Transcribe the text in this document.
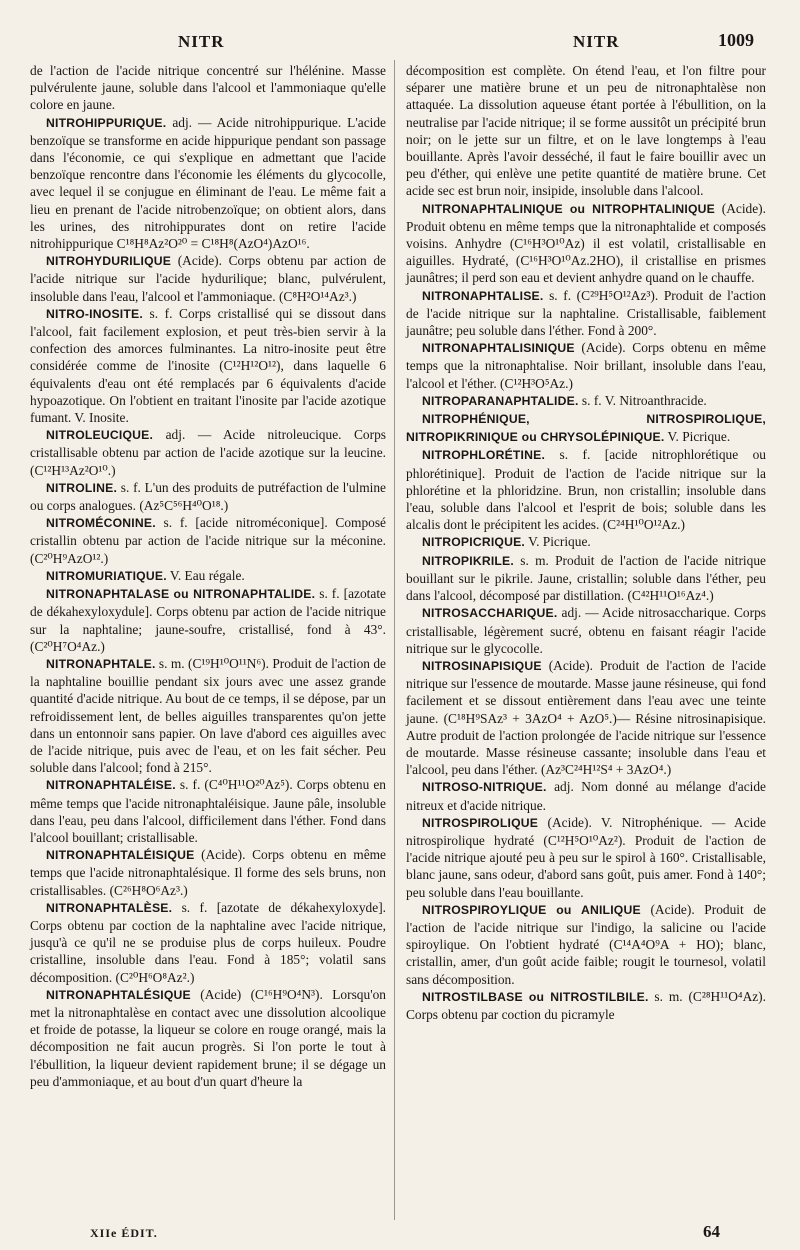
NITR	NITR	1009

de l'action de l'acide nitrique concentré sur l'hélénine. Masse pulvérulente jaune, soluble dans l'alcool et l'ammoniaque qu'elle colore en jaune.

NITROHIPPURIQUE. adj. — Acide nitrohippurique. L'acide benzoïque se transforme en acide hippurique pendant son passage dans l'économie, ce qui s'explique en admettant que l'acide benzoïque rencontre dans l'économie les éléments du glycocolle, avec lequel il se conjugue en éliminant de l'eau. Le même fait a lieu en prenant de l'acide nitrobenzoïque; on obtient alors, dans les urines, des nitrohippurates dont on retire l'acide nitrohippurique C¹⁸H⁸Az²O²⁰ = C¹⁸H⁸(AzO⁴)AzO¹⁶.

NITROHYDURILIQUE (Acide). Corps obtenu par action de l'acide nitrique sur l'acide hydurilique; blanc, pulvérulent, insoluble dans l'eau, l'alcool et l'ammoniaque. (C⁸H²O¹⁴Az³.)

NITRO-INOSITE. s. f. Corps cristallisé qui se dissout dans l'alcool, fait facilement explosion, et peut très-bien servir à la confection des amorces fulminantes. La nitro-inosite peut être considérée comme de l'inosite (C¹²H¹²O¹²), dans laquelle 6 équivalents d'eau ont été remplacés par 6 équivalents d'acide hypoazotique. On l'obtient en traitant l'inosite par l'acide azotique fumant. V. Inosite.

NITROLEUCIQUE. adj. — Acide nitroleucique. Corps cristallisable obtenu par action de l'acide azotique sur la leucine. (C¹²H¹³Az²O¹⁰.)

NITROLINE. s. f. L'un des produits de putréfaction de l'ulmine ou corps analogues. (Az⁵C⁵⁶H⁴⁰O¹⁸.)

NITROMÉCONINE. s. f. [acide nitroméconique]. Composé cristallin obtenu par action de l'acide nitrique sur la méconine. (C²⁰H⁹AzO¹².)

NITROMURIATIQUE. V. Eau régale.

NITRONAPHTALASE ou NITRONAPHTALIDE. s. f. [azotate de dékahexyloxydule]. Corps obtenu par action de l'acide nitrique sur la naphtaline; jaune-soufre, cristallisé, fond à 43°. (C²⁰H⁷O⁴Az.)

NITRONAPHTALE. s. m. (C¹⁹H¹⁰O¹¹N⁶). Produit de l'action de la naphtaline bouillie pendant six jours avec une assez grande quantité d'acide nitrique. Au bout de ce temps, il se dépose, par un refroidissement lent, de belles aiguilles transparentes qu'on jette dans un entonnoir sans papier. On lave d'abord ces aiguilles avec de l'acide nitrique, puis avec de l'eau, et on les fait sécher. Peu soluble dans l'alcool; fond à 215°.

NITRONAPHTALÉISE. s. f. (C⁴⁰H¹¹O²⁰Az⁵). Corps obtenu en même temps que l'acide nitronaphtaléisique. Jaune pâle, insoluble dans l'eau, peu dans l'alcool, difficilement dans l'éther. Fond dans l'alcool bouillant; cristallisable.

NITRONAPHTALÉISIQUE (Acide). Corps obtenu en même temps que l'acide nitronaphtalésique. Il forme des sels bruns, non cristallisables. (C²⁶H⁸O⁶Az³.)

NITRONAPHTALÈSE. s. f. [azotate de dékahexyloxyde]. Corps obtenu par coction de la naphtaline avec l'acide nitrique, jusqu'à ce qu'il ne se produise plus de corps huileux. Poudre cristalline, insoluble dans l'eau. Fond à 185°; volatil sans décomposition. (C²⁰H⁶O⁸Az².)

NITRONAPHTALÉSIQUE (Acide) (C¹⁶H⁹O⁴N³). Lorsqu'on met la nitronaphtalèse en contact avec une dissolution alcoolique et froide de potasse, la liqueur se colore en rouge orangé, mais la décomposition ne fait aucun progrès. Si l'on porte le tout à l'ébullition, la liqueur devient rapidement brune; il se dégage un peu d'ammoniaque, et au bout d'un quart d'heure la

décomposition est complète. On étend l'eau, et l'on filtre pour séparer une matière brune et un peu de nitronaphtalèse non attaquée. La dissolution aqueuse étant portée à l'ébullition, on la neutralise par l'acide nitrique; il se forme aussitôt un précipité brun noir; on le jette sur un filtre, et on le lave longtemps à l'eau bouillante. Après l'avoir desséché, il faut le faire bouillir avec un peu d'éther, qui enlève une petite quantité de matière brune. Cet acide sec est brun noir, insipide, insoluble dans l'alcool.

NITRONAPHTALINIQUE ou NITROPHTALINIQUE (Acide). Produit obtenu en même temps que la nitronaphtalide et composés voisins. Anhydre (C¹⁶H³O¹⁰Az) il est volatil, cristallisable en aiguilles. Hydraté, (C¹⁶H³O¹⁰Az.2HO), il cristallise en prismes jaunâtres; il perd son eau et devient anhydre quand on le chauffe.

NITRONAPHTALISE. s. f. (C²⁹H⁵O¹²Az³). Produit de l'action de l'acide nitrique sur la naphtaline. Cristallisable, faiblement jaunâtre; peu soluble dans l'éther. Fond à 200°.

NITRONAPHTALISINIQUE (Acide). Corps obtenu en même temps que la nitronaphtalise. Noir brillant, insoluble dans l'eau, l'alcool et l'éther. (C¹²H³O⁵Az.)

NITROPARANAPHTALIDE. s. f. V. Nitroanthracide.

NITROPHÉNIQUE, NITROSPIROLIQUE, NITROPIKRINIQUE ou CHRYSOLÉPINIQUE. V. Picrique.

NITROPHLORÉTINE. s. f. [acide nitrophlorétique ou phlorétinique]. Produit de l'action de l'acide nitrique sur la phlorétine et la phloridzine. Brun, non cristallin; insoluble dans l'eau, soluble dans l'alcool et l'esprit de bois; soluble dans les alcalis dont le précipitent les acides. (C²⁴H¹⁰O¹²Az.)

NITROPICRIQUE. V. Picrique.

NITROPIKRILE. s. m. Produit de l'action de l'acide nitrique bouillant sur le pikrile. Jaune, cristallin; soluble dans l'éther, peu dans l'alcool, décomposé par distillation. (C⁴²H¹¹O¹⁶Az⁴.)

NITROSACCHARIQUE. adj. — Acide nitrosaccharique. Corps cristallisable, légèrement sucré, obtenu en faisant réagir l'acide nitrique sur le glycocolle.

NITROSINAPISIQUE (Acide). Produit de l'action de l'acide nitrique sur l'essence de moutarde. Masse jaune résineuse, qui fond facilement et se dissout entièrement dans l'eau avec une teinte jaune. (C¹⁸H⁹SAz³ + 3AzO⁴ + AzO⁵.)— Résine nitrosinapisique. Autre produit de l'action prolongée de l'acide nitrique sur l'essence de moutarde. Masse résineuse cassante; insoluble dans l'eau et l'alcool, peu dans l'éther. (Az³C²⁴H¹²S⁴ + 3AzO⁴.)

NITROSO-NITRIQUE. adj. Nom donné au mélange d'acide nitreux et d'acide nitrique.

NITROSPIROLIQUE (Acide). V. Nitrophénique. — Acide nitrospirolique hydraté (C¹²H⁵O¹⁰Az²). Produit de l'action de l'acide nitrique ajouté peu à peu sur le spirol à 160°. Cristallisable, blanc jaune, sans odeur, d'abord sans goût, puis amer. Fond à 140°; peu soluble dans l'eau bouillante.

NITROSPIROYLIQUE ou ANILIQUE (Acide). Produit de l'action de l'acide nitrique sur l'indigo, la salicine ou l'acide spiroylique. On l'obtient hydraté (C¹⁴A⁴O⁹A + HO); blanc, cristallin, amer, d'un goût acide faible; rougit le tournesol, volatil sans décomposition.

NITROSTILBASE ou NITROSTILBILE. s. m. (C²⁸H¹¹O⁴Az). Corps obtenu par coction du picramyle

XIIe ÉDIT.	64
